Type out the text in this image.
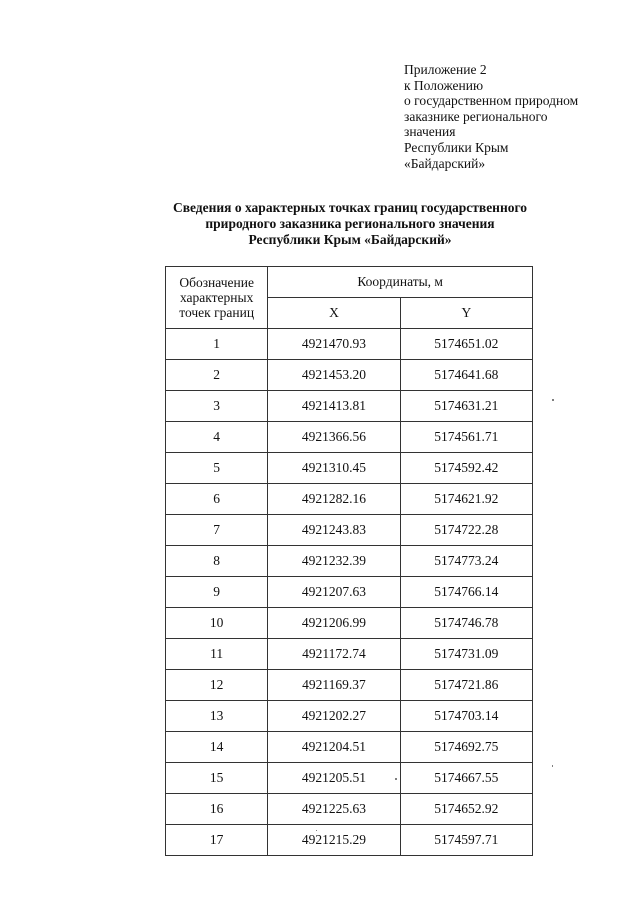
Приложение 2
к Положению
о государственном природном
заказнике регионального
значения
Республики Крым
«Байдарский»
Сведения о характерных точках границ государственного
природного заказника регионального значения
Республики Крым «Байдарский»
Обозначение
характерных
точек границ	Координаты, м	
	X	Y
1	4921470.93	5174651.02
2	4921453.20	5174641.68
3	4921413.81	5174631.21
4	4921366.56	5174561.71
5	4921310.45	5174592.42
6	4921282.16	5174621.92
7	4921243.83	5174722.28
8	4921232.39	5174773.24
9	4921207.63	5174766.14
10	4921206.99	5174746.78
11	4921172.74	5174731.09
12	4921169.37	5174721.86
13	4921202.27	5174703.14
14	4921204.51	5174692.75
15	4921205.51	5174667.55
16	4921225.63	5174652.92
17	4921215.29	5174597.71
